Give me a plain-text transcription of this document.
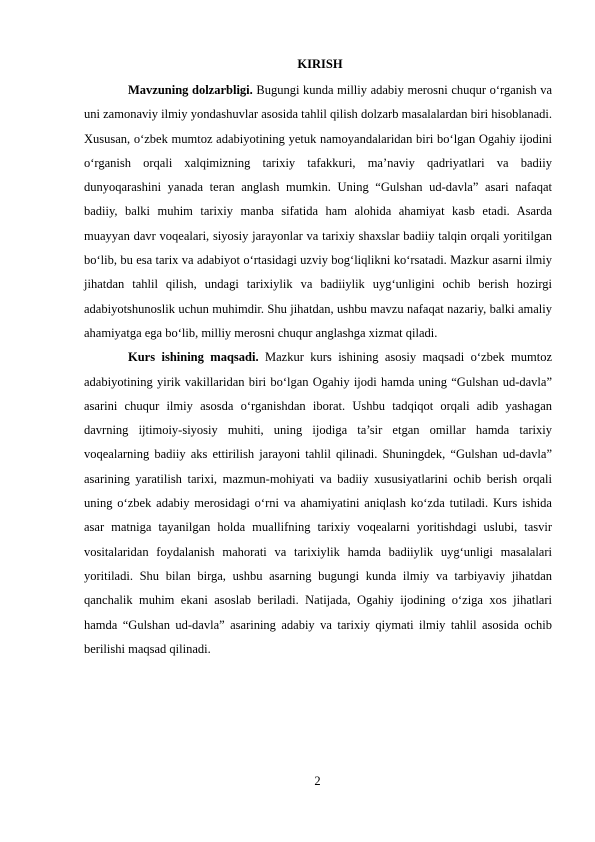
KIRISH

Mavzuning dolzarbligi. Bugungi kunda milliy adabiy merosni chuqur o‘rganish va uni zamonaviy ilmiy yondashuvlar asosida tahlil qilish dolzarb masalalardan biri hisoblanadi. Xususan, o‘zbek mumtoz adabiyotining yetuk namoyandalaridan biri bo‘lgan Ogahiy ijodini o‘rganish orqali xalqimizning tarixiy tafakkuri, ma’naviy qadriyatlari va badiiy dunyoqarashini yanada teran anglash mumkin. Uning “Gulshan ud-davla” asari nafaqat badiiy, balki muhim tarixiy manba sifatida ham alohida ahamiyat kasb etadi. Asarda muayyan davr voqealari, siyosiy jarayonlar va tarixiy shaxslar badiiy talqin orqali yoritilgan bo‘lib, bu esa tarix va adabiyot o‘rtasidagi uzviy bog‘liqlikni ko‘rsatadi. Mazkur asarni ilmiy jihatdan tahlil qilish, undagi tarixiylik va badiiylik uyg‘unligini ochib berish hozirgi adabiyotshunoslik uchun muhimdir. Shu jihatdan, ushbu mavzu nafaqat nazariy, balki amaliy ahamiyatga ega bo‘lib, milliy merosni chuqur anglashga xizmat qiladi.

Kurs ishining maqsadi. Mazkur kurs ishining asosiy maqsadi o‘zbek mumtoz adabiyotining yirik vakillaridan biri bo‘lgan Ogahiy ijodi hamda uning “Gulshan ud-davla” asarini chuqur ilmiy asosda o‘rganishdan iborat. Ushbu tadqiqot orqali adib yashagan davrning ijtimoiy-siyosiy muhiti, uning ijodiga ta’sir etgan omillar hamda tarixiy voqealarning badiiy aks ettirilish jarayoni tahlil qilinadi. Shuningdek, “Gulshan ud-davla” asarining yaratilish tarixi, mazmun-mohiyati va badiiy xususiyatlarini ochib berish orqali uning o‘zbek adabiy merosidagi o‘rni va ahamiyatini aniqlash ko‘zda tutiladi. Kurs ishida asar matniga tayanilgan holda muallifning tarixiy voqealarni yoritishdagi uslubi, tasvir vositalaridan foydalanish mahorati va tarixiylik hamda badiiylik uyg‘unligi masalalari yoritiladi. Shu bilan birga, ushbu asarning bugungi kunda ilmiy va tarbiyaviy jihatdan qanchalik muhim ekani asoslab beriladi. Natijada, Ogahiy ijodining o‘ziga xos jihatlari hamda “Gulshan ud-davla” asarining adabiy va tarixiy qiymati ilmiy tahlil asosida ochib berilishi maqsad qilinadi.

2
